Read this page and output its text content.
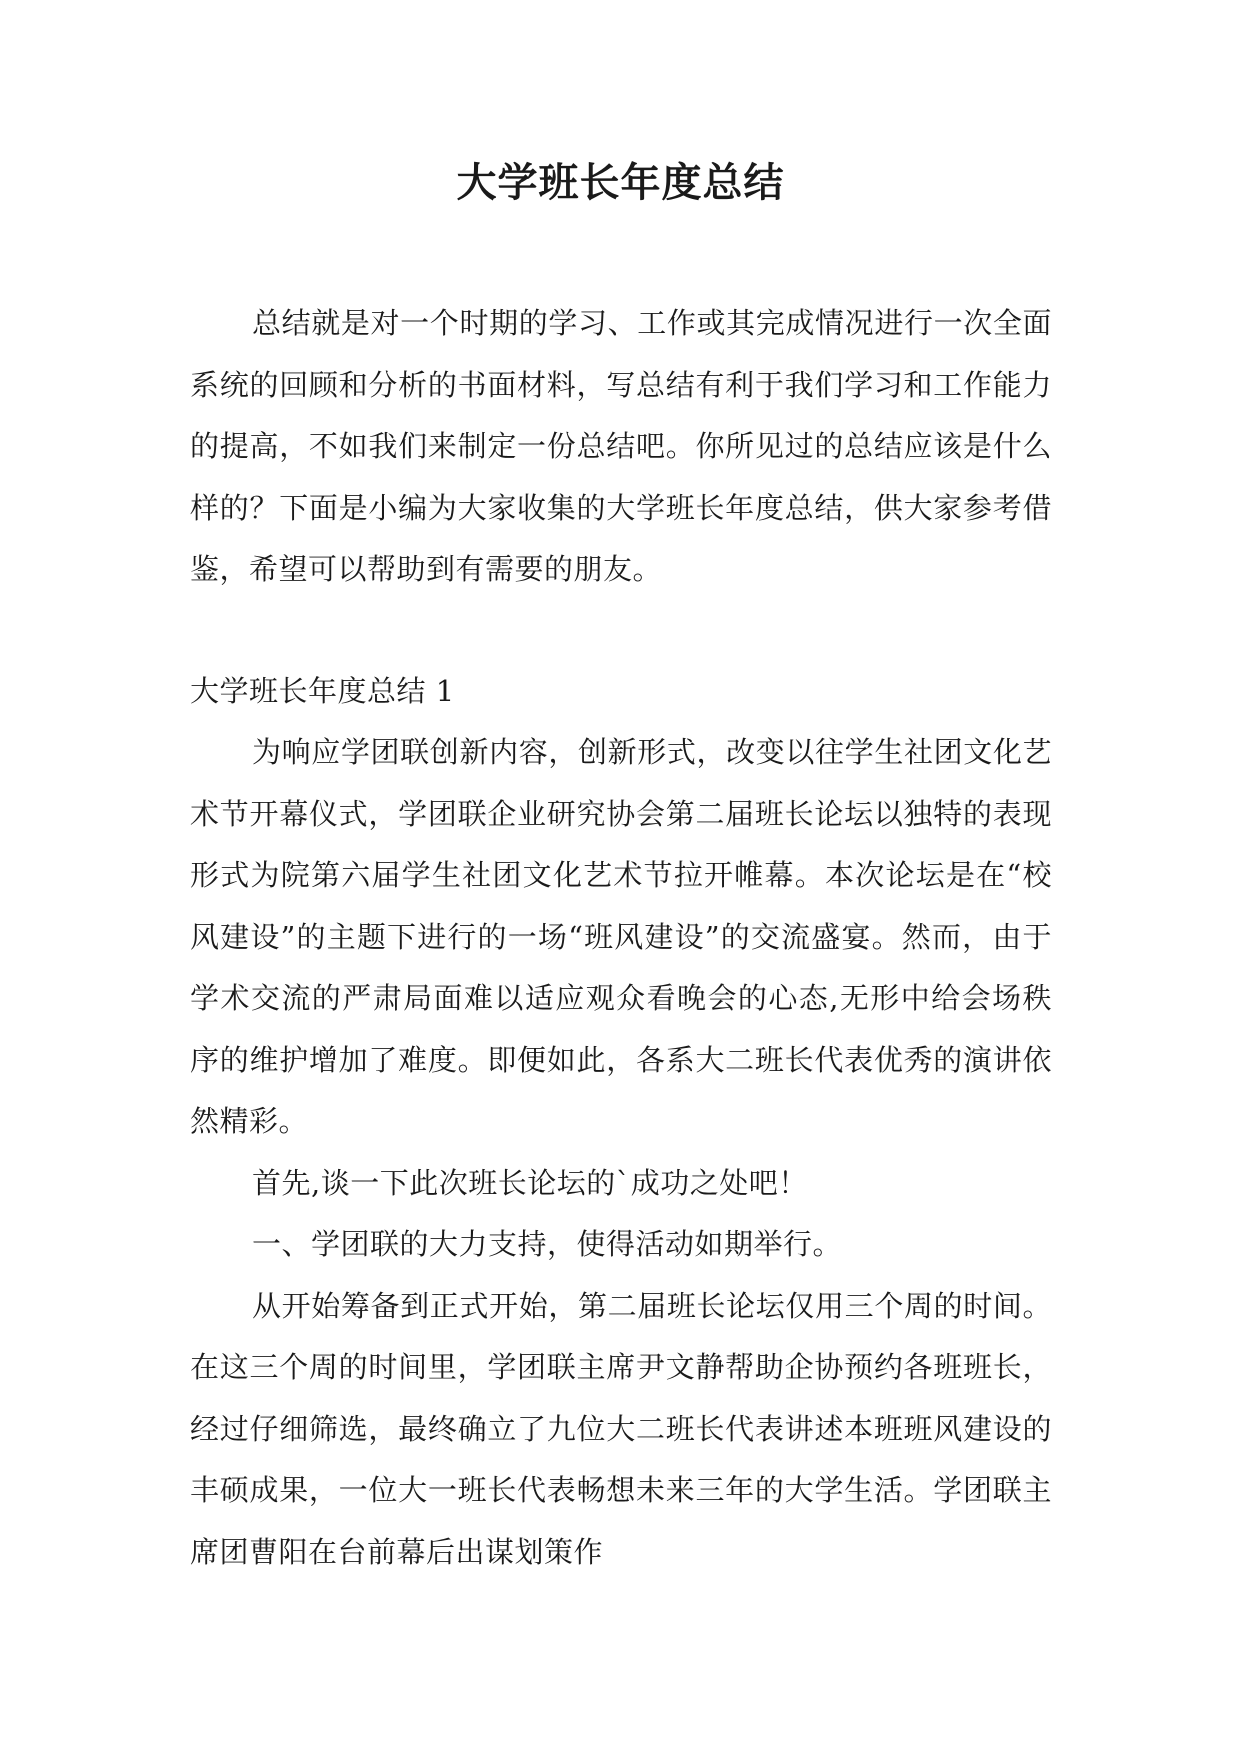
大学班长年度总结

总结就是对一个时期的学习、工作或其完成情况进行一次全面系统的回顾和分析的书面材料，写总结有利于我们学习和工作能力的提高，不如我们来制定一份总结吧。你所见过的总结应该是什么样的？下面是小编为大家收集的大学班长年度总结，供大家参考借鉴，希望可以帮助到有需要的朋友。

大学班长年度总结 1

为响应学团联创新内容，创新形式，改变以往学生社团文化艺术节开幕仪式，学团联企业研究协会第二届班长论坛以独特的表现形式为院第六届学生社团文化艺术节拉开帷幕。本次论坛是在“校风建设”的主题下进行的一场“班风建设”的交流盛宴。然而，由于学术交流的严肃局面难以适应观众看晚会的心态,无形中给会场秩序的维护增加了难度。即便如此，各系大二班长代表优秀的演讲依然精彩。

首先,谈一下此次班长论坛的`成功之处吧！

一、学团联的大力支持，使得活动如期举行。

从开始筹备到正式开始，第二届班长论坛仅用三个周的时间。在这三个周的时间里，学团联主席尹文静帮助企协预约各班班长，经过仔细筛选，最终确立了九位大二班长代表讲述本班班风建设的丰硕成果，一位大一班长代表畅想未来三年的大学生活。学团联主席团曹阳在台前幕后出谋划策作
